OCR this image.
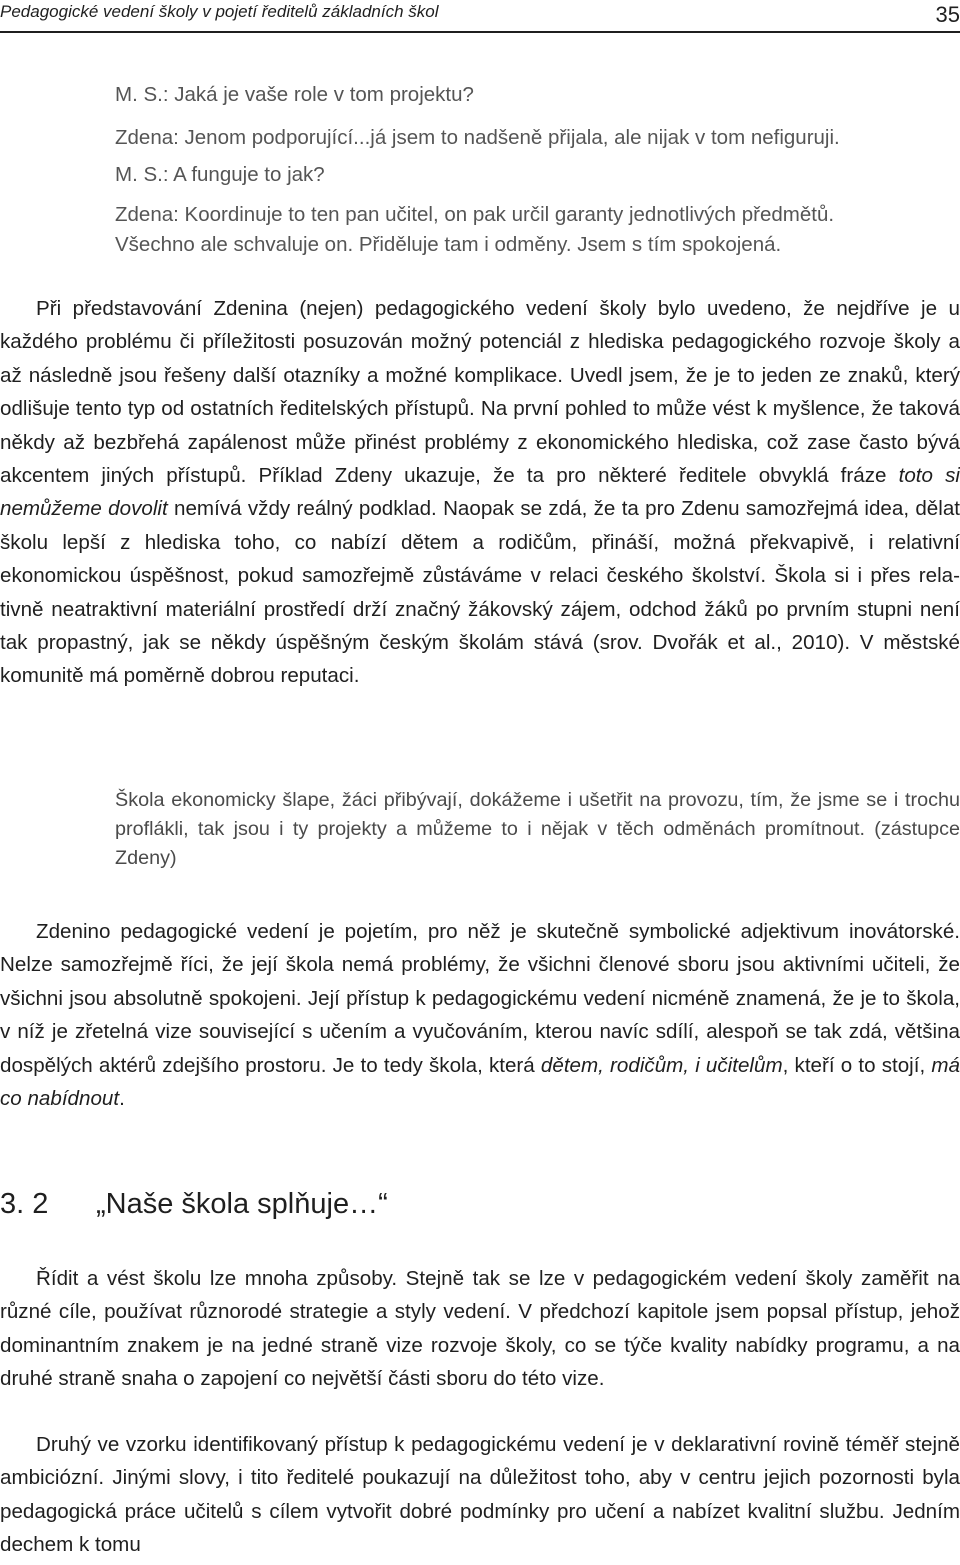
Pedagogické vedení školy v pojetí ředitelů základních škol	35

M. S.: Jaká je vaše role v tom projektu?

Zdena: Jenom podporující...já jsem to nadšeně přijala, ale nijak v tom nefiguruji.

M. S.: A funguje to jak?

Zdena: Koordinuje to ten pan učitel, on pak určil garanty jednotlivých předmětů.

Všechno ale schvaluje on. Přiděluje tam i odměny. Jsem s tím spokojená.

Při představování Zdenina (nejen) pedagogického vedení školy bylo uvedeno, že nejdříve je u každého problému či příležitosti posuzován možný potenciál z hlediska pedagogického rozvoje školy a až následně jsou řešeny další otazníky a možné komplikace. Uvedl jsem, že je to jeden ze znaků, který odlišuje tento typ od ostatních ředitelských přístupů. Na první pohled to může vést k myšlence, že taková někdy až bezbřehá zapálenost může přinést problémy z ekonomického hlediska, což zase často bývá akcentem jiných přístupů. Příklad Zdeny ukazuje, že ta pro některé ředitele obvyklá fráze toto si nemůžeme dovolit nemívá vždy reálný podklad. Naopak se zdá, že ta pro Zdenu samozřejmá idea, dělat školu lepší z hlediska toho, co nabízí dětem a rodičům, přináší, možná překvapivě, i relativní ekonomickou úspěšnost, pokud samozřejmě zůstáváme v relaci českého školství. Škola si i přes relativně neatraktivní materiální prostředí drží značný žákovský zájem, odchod žáků po prvním stupni není tak propastný, jak se někdy úspěšným českým školám stává (srov. Dvořák et al., 2010). V městské komunitě má poměrně dobrou reputaci.

Škola ekonomicky šlape, žáci přibývají, dokážeme i ušetřit na provozu, tím, že jsme se i trochu proflákli, tak jsou i ty projekty a můžeme to i nějak v těch odměnách promítnout. (zástupce Zdeny)

Zdenino pedagogické vedení je pojetím, pro něž je skutečně symbolické adjektivum inovátorské. Nelze samozřejmě říci, že její škola nemá problémy, že všichni členové sboru jsou aktivními učiteli, že všichni jsou absolutně spokojeni. Její přístup k pedagogickému vedení nicméně znamená, že je to škola, v níž je zřetelná vize související s učením a vyučováním, kterou navíc sdílí, alespoň se tak zdá, většina dospělých aktérů zdejšího prostoru. Je to tedy škola, která dětem, rodičům, i učitelům, kteří o to stojí, má co nabídnout.

3. 2 „Naše škola splňuje…“

Řídit a vést školu lze mnoha způsoby. Stejně tak se lze v pedagogickém vedení školy zaměřit na různé cíle, používat různorodé strategie a styly vedení. V předchozí kapitole jsem popsal přístup, jehož dominantním znakem je na jedné straně vize rozvoje školy, co se týče kvality nabídky programu, a na druhé straně snaha o zapojení co největší části sboru do této vize.

Druhý ve vzorku identifikovaný přístup k pedagogickému vedení je v deklarativní rovině téměř stejně ambiciózní. Jinými slovy, i tito ředitelé poukazují na důležitost toho, aby v centru jejich pozornosti byla pedagogická práce učitelů s cílem vytvořit dobré podmínky pro učení a nabízet kvalitní službu. Jedním dechem k tomu
